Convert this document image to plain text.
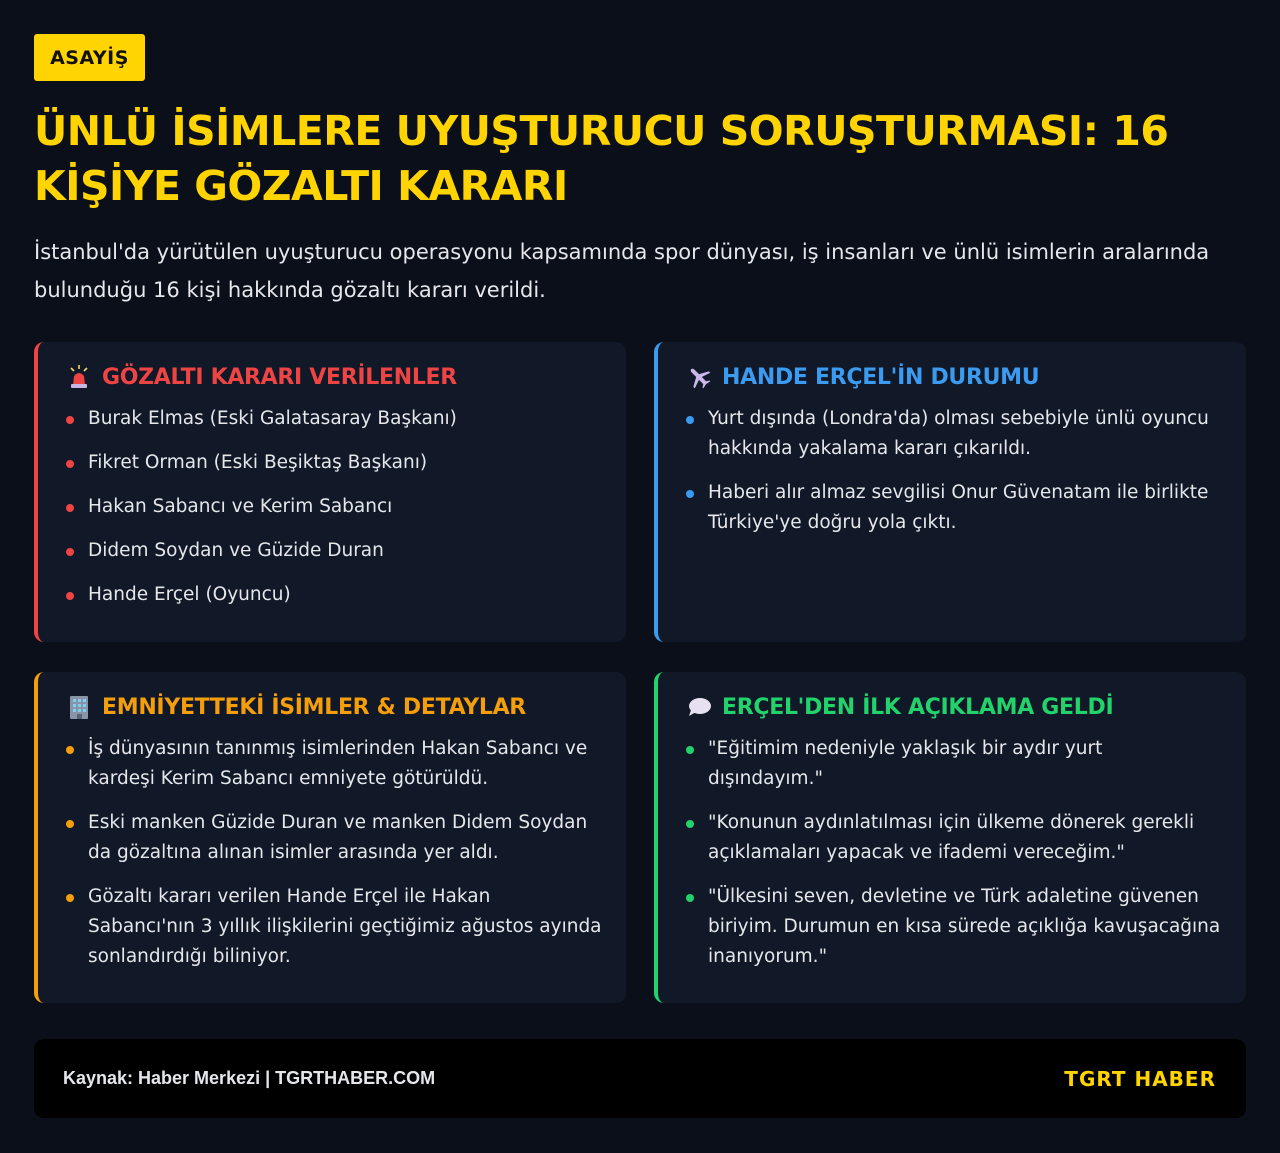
ASAYİŞ
ÜNLÜ İSİMLERE UYUŞTURUCU SORUŞTURMASI: 16 KİŞİYE GÖZALTI KARARI

İstanbul'da yürütülen uyuşturucu operasyonu kapsamında spor dünyası, iş insanları ve ünlü isimlerin aralarında bulunduğu 16 kişi hakkında gözaltı kararı verildi.

GÖZALTI KARARI VERİLENLER
Burak Elmas (Eski Galatasaray Başkanı)
Fikret Orman (Eski Beşiktaş Başkanı)
Hakan Sabancı ve Kerim Sabancı
Didem Soydan ve Güzide Duran
Hande Erçel (Oyuncu)
HANDE ERÇEL'İN DURUMU
Yurt dışında (Londra'da) olması sebebiyle ünlü oyuncu hakkında yakalama kararı çıkarıldı.
Haberi alır almaz sevgilisi Onur Güvenatam ile birlikte Türkiye'ye doğru yola çıktı.
EMNİYETTEKİ İSİMLER & DETAYLAR
İş dünyasının tanınmış isimlerinden Hakan Sabancı ve kardeşi Kerim Sabancı emniyete götürüldü.
Eski manken Güzide Duran ve manken Didem Soydan da gözaltına alınan isimler arasında yer aldı.
Gözaltı kararı verilen Hande Erçel ile Hakan Sabancı'nın 3 yıllık ilişkilerini geçtiğimiz ağustos ayında sonlandırdığı biliniyor.
ERÇEL'DEN İLK AÇIKLAMA GELDİ
"Eğitimim nedeniyle yaklaşık bir aydır yurt dışındayım."
"Konunun aydınlatılması için ülkeme dönerek gerekli açıklamaları yapacak ve ifademi vereceğim."
"Ülkesini seven, devletine ve Türk adaletine güvenen biriyim. Durumun en kısa sürede açıklığa kavuşacağına inanıyorum."
Kaynak: Haber Merkezi | TGRTHABER.COM	TGRT HABER
